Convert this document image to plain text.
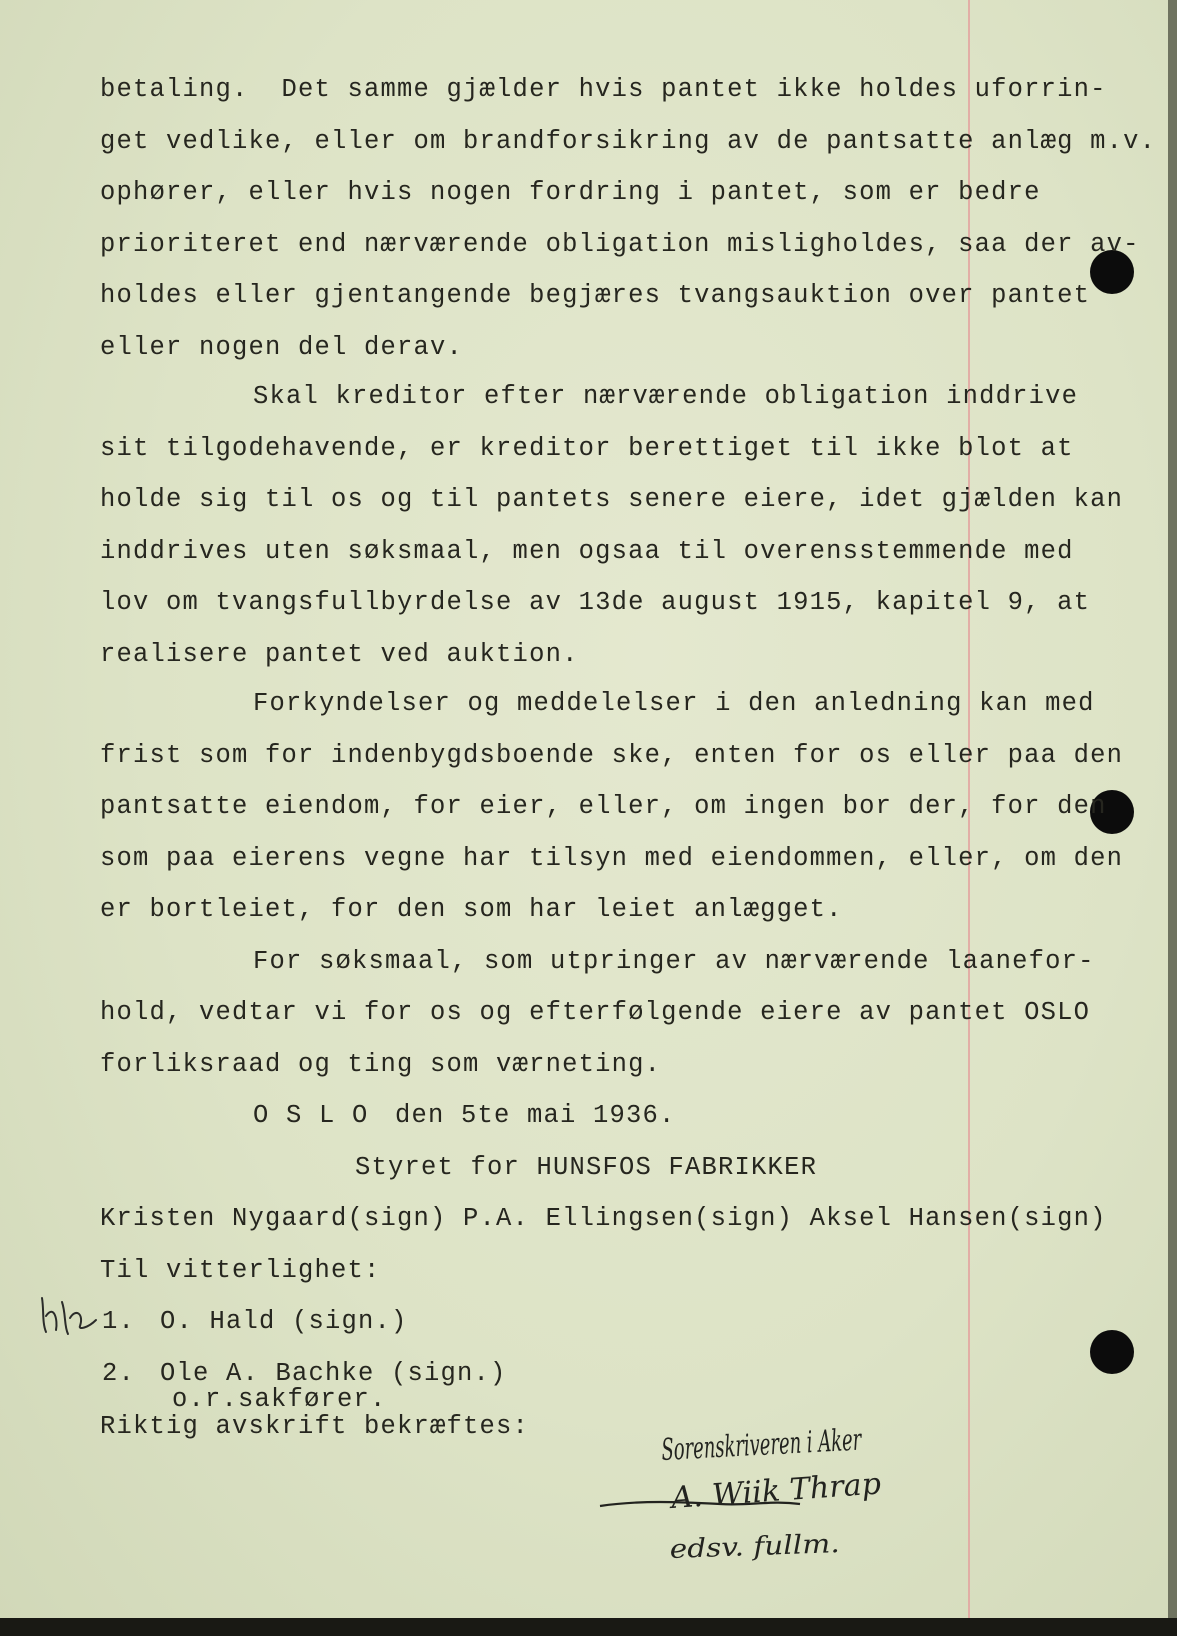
betaling.  Det samme gjælder hvis pantet ikke holdes uforrin-

get vedlike, eller om brandforsikring av de pantsatte anlæg m.v.

ophører, eller hvis nogen fordring i pantet, som er bedre

prioriteret end nærværende obligation misligholdes, saa der av-

holdes eller gjentangende begjæres tvangsauktion over pantet

eller nogen del derav.

Skal kreditor efter nærværende obligation inddrive

sit tilgodehavende, er kreditor berettiget til ikke blot at

holde sig til os og til pantets senere eiere, idet gjælden kan

inddrives uten søksmaal, men ogsaa til overensstemmende med

lov om tvangsfullbyrdelse av 13de august 1915, kapitel 9, at

realisere pantet ved auktion.

Forkyndelser og meddelelser i den anledning kan med

frist som for indenbygdsboende ske, enten for os eller paa den

pantsatte eiendom, for eier, eller, om ingen bor der, for den

som paa eierens vegne har tilsyn med eiendommen, eller, om den

er bortleiet, for den som har leiet anlægget.

For søksmaal, som utpringer av nærværende laanefor-

hold, vedtar vi for os og efterfølgende eiere av pantet OSLO

forliksraad og ting som værneting.

O S L O den 5te mai 1936.

Styret for HUNSFOS FABRIKKER

Kristen Nygaard(sign) P.A. Ellingsen(sign) Aksel Hansen(sign)

Til vitterlighet:

1. O. Hald (sign.)

2. Ole A. Bachke (sign.)

o.r.sakfører.

Riktig avskrift bekræftes:	Sorenskriveren i Aker
A. Wiik Thrap
edsv. fullm.
